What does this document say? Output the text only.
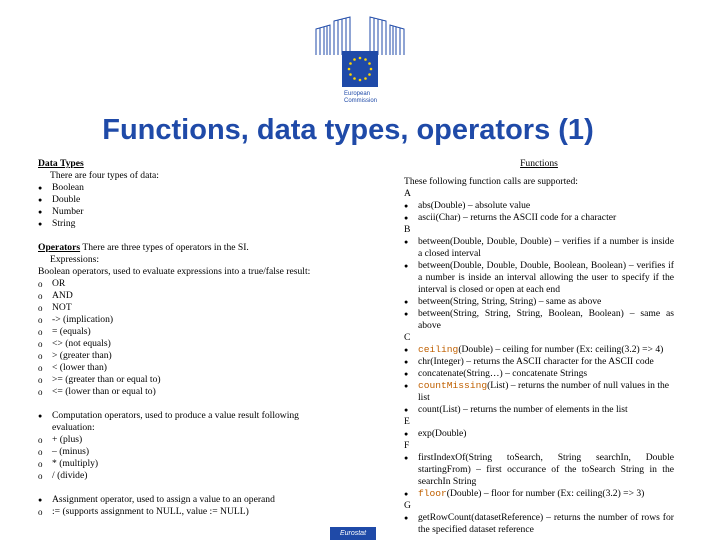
European
Commission
Functions, data types, operators (1)
Data Types
There are four types of data:
● Boolean
● Double
● Number
● String
Operators There are three types of operators in the SI.
Expressions:
Boolean operators, used to evaluate expressions into a true/false result:
o OR
o AND
o NOT
o -> (implication)
o = (equals)
o <> (not equals)
o > (greater than)
o < (lower than)
o >= (greater than or equal to)
o <= (lower than or equal to)
● Computation operators, used to produce a value result following evaluation:
o + (plus)
o – (minus)
o * (multiply)
o / (divide)
● Assignment operator, used to assign a value to an operand
o := (supports assignment to NULL, value := NULL)
Functions
These following function calls are supported:
A
● abs(Double) – absolute value
● ascii(Char) – returns the ASCII code for a character
B
● between(Double, Double, Double) – verifies if a number is inside a closed interval
● between(Double, Double, Double, Boolean, Boolean) – verifies if a number is inside an interval allowing the user to specify if the interval is closed or open at each end
● between(String, String, String) – same as above
● between(String, String, String, Boolean, Boolean) – same as above
C
● ceiling(Double) – ceiling for number (Ex: ceiling(3.2) => 4)
● chr(Integer) – returns the ASCII character for the ASCII code
● concatenate(String…) – concatenate Strings
● countMissing(List) – returns the number of null values in the list
● count(List) – returns the number of elements in the list
E
● exp(Double)
F
● firstIndexOf(String toSearch, String searchIn, Double startingFrom) – first occurance of the toSearch String in the searchIn String
● floor(Double) – floor for number (Ex: ceiling(3.2) => 3)
G
● getRowCount(datasetReference) – returns the number of rows for the specified dataset reference
Eurostat
